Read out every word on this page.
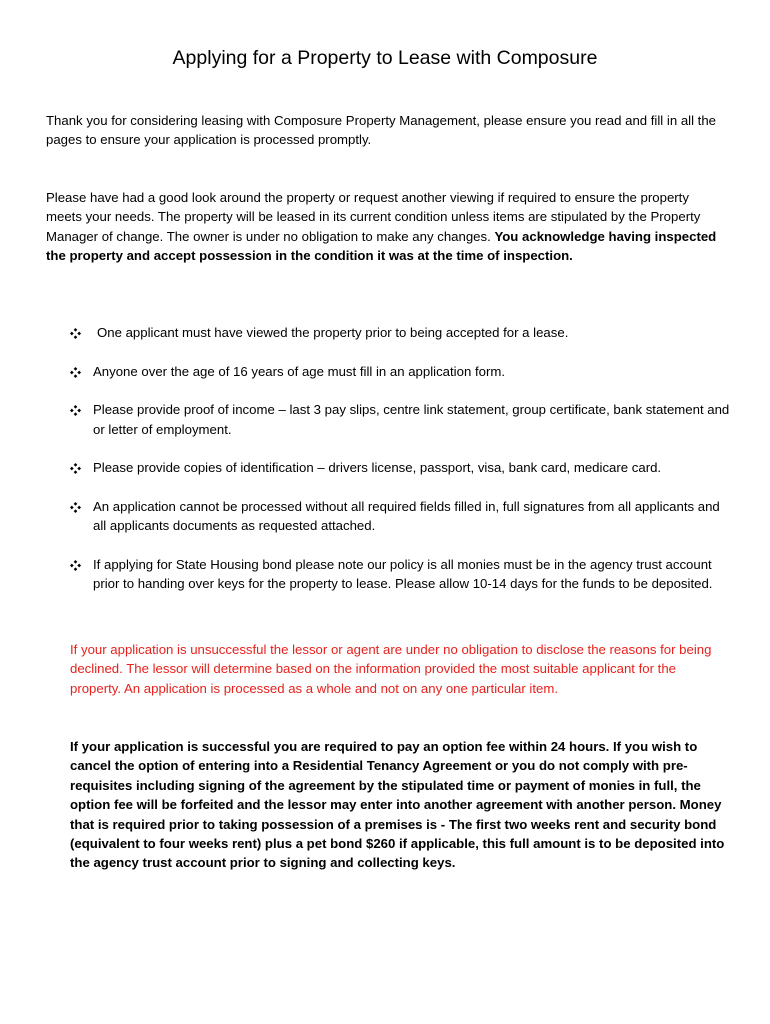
Applying for a Property to Lease with Composure

Thank you for considering leasing with Composure Property Management, please ensure you read and fill in all the pages to ensure your application is processed promptly.

Please have had a good look around the property or request another viewing if required to ensure the property meets your needs. The property will be leased in its current condition unless items are stipulated by the Property Manager of change. The owner is under no obligation to make any changes. You acknowledge having inspected the property and accept possession in the condition it was at the time of inspection.

One applicant must have viewed the property prior to being accepted for a lease.
Anyone over the age of 16 years of age must fill in an application form.
Please provide proof of income – last 3 pay slips, centre link statement, group certificate, bank statement and or letter of employment.
Please provide copies of identification – drivers license, passport, visa, bank card, medicare card.
An application cannot be processed without all required fields filled in, full signatures from all applicants and all applicants documents as requested attached.
If applying for State Housing bond please note our policy is all monies must be in the agency trust account prior to handing over keys for the property to lease. Please allow 10-14 days for the funds to be deposited.

If your application is unsuccessful the lessor or agent are under no obligation to disclose the reasons for being declined. The lessor will determine based on the information provided the most suitable applicant for the property. An application is processed as a whole and not on any one particular item.

If your application is successful you are required to pay an option fee within 24 hours. If you wish to cancel the option of entering into a Residential Tenancy Agreement or you do not comply with pre-requisites including signing of the agreement by the stipulated time or payment of monies in full, the option fee will be forfeited and the lessor may enter into another agreement with another person. Money that is required prior to taking possession of a premises is - The first two weeks rent and security bond (equivalent to four weeks rent) plus a pet bond $260 if applicable, this full amount is to be deposited into the agency trust account prior to signing and collecting keys.
